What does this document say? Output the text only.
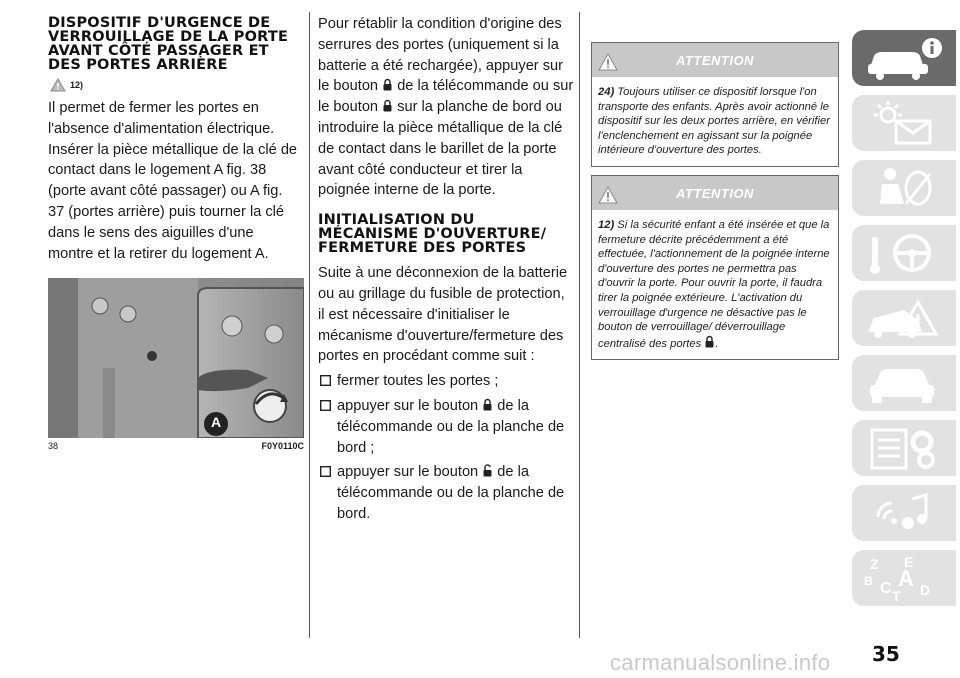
DISPOSITIF D'URGENCE DE VERROUILLAGE DE LA PORTE AVANT CÔTÉ PASSAGER ET DES PORTES ARRIÈRE
12)

Il permet de fermer les portes en l'absence d'alimentation électrique. Insérer la pièce métallique de la clé de contact dans le logement A fig. 38 (porte avant côté passager) ou A fig. 37 (portes arrière) puis tourner la clé dans le sens des aiguilles d'une montre et la retirer du logement A.

A
38	F0Y0110C

Pour rétablir la condition d'origine des serrures des portes (uniquement si la batterie a été rechargée), appuyer sur le bouton de la télécommande ou sur le bouton sur la planche de bord ou introduire la pièce métallique de la clé de contact dans le barillet de la porte avant côté conducteur et tirer la poignée interne de la porte.

INITIALISATION DU MÉCANISME D'OUVERTURE/ FERMETURE DES PORTES

Suite à une déconnexion de la batterie ou au grillage du fusible de protection, il est nécessaire d'initialiser le mécanisme d'ouverture/fermeture des portes en procédant comme suit :

fermer toutes les portes ;
appuyer sur le bouton de la télécommande ou de la planche de bord ;
appuyer sur le bouton de la télécommande ou de la planche de bord.
ATTENTION
24) Toujours utiliser ce dispositif lorsque l'on transporte des enfants. Après avoir actionné le dispositif sur les deux portes arrière, en vérifier l'enclenchement en agissant sur la poignée intérieure d'ouverture des portes.
ATTENTION
12) Si la sécurité enfant a été insérée et que la fermeture décrite précédemment a été effectuée, l'actionnement de la poignée interne d'ouverture des portes ne permettra pas d'ouvrir la porte. Pour ouvrir la porte, il faudra tirer la poignée extérieure. L'activation du verrouillage d'urgence ne désactive pas le bouton de verrouillage/ déverrouillage centralisé des portes .
Z E
B A
C D
T
35
carmanualsonline.info
